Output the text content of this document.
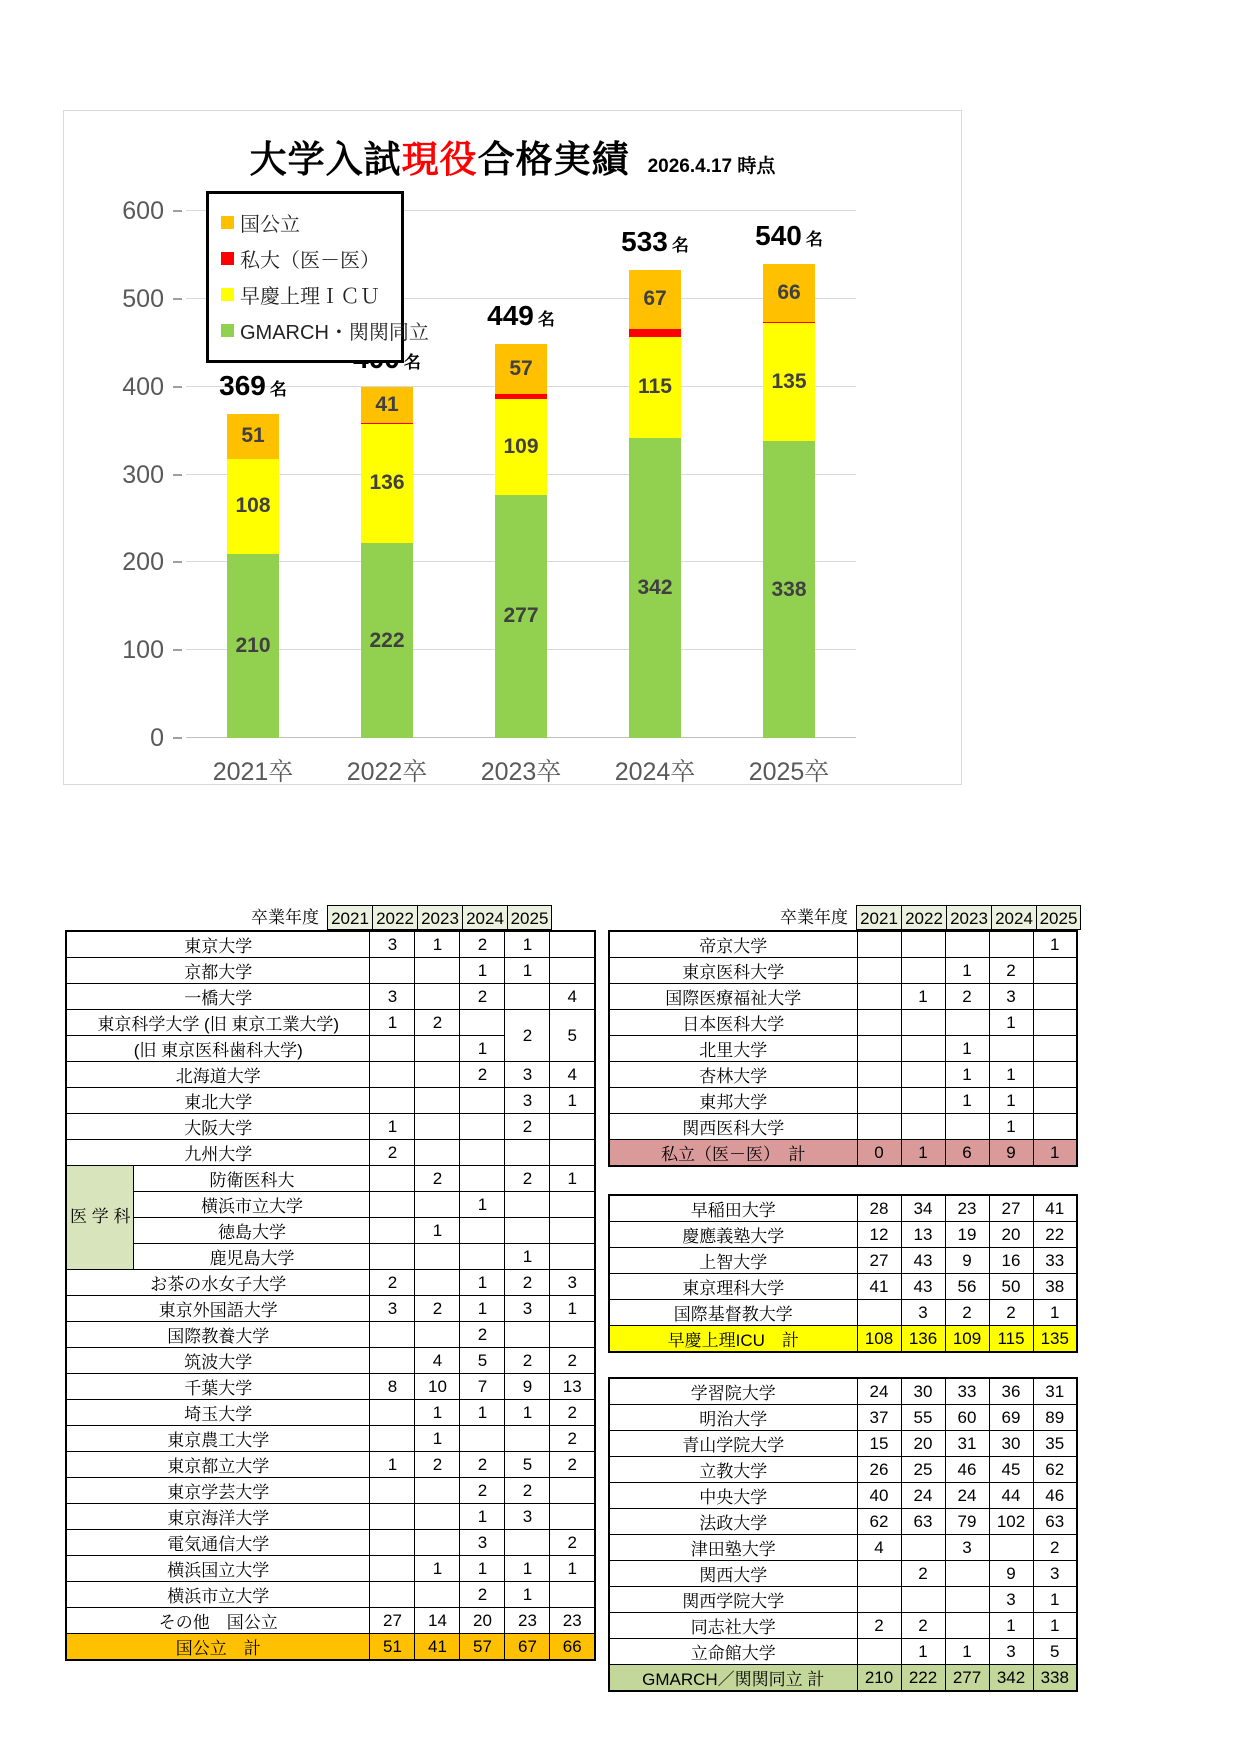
大学入試 現役 合格実績 2026.4.17 時点
0
100
200
300
400
500
600
210
108
51
369 名
2021卒
222
136
41
名
2022卒
277
109
57
449 名
2023卒
342
115
67
533 名
2024卒
338
135
66
540 名
2025卒
国公立
私大（医－医）
早慶上理ＩＣＵ
GMARCH・関関同立
卒業年度 2021 2022 2023 2024 2025
東京大学		3	1	2	1	
京都大学				1	1	
一橋大学		3		2		4
東京科学大学 (旧 東京工業大学)		1	2		2	5
(旧 東京医科歯科大学)				1		
北海道大学				2	3	4
東北大学					3	1
大阪大学		1			2	
九州大学		2				
医 学 科	防衛医科大		2		2	1
	横浜市立大学			1		
	徳島大学		1			
	鹿児島大学				1	
お茶の水女子大学		2		1	2	3
東京外国語大学		3	2	1	3	1
国際教養大学				2		
筑波大学			4	5	2	2
千葉大学		8	10	7	9	13
埼玉大学			1	1	1	2
東京農工大学			1			2
東京都立大学		1	2	2	5	2
東京学芸大学				2	2	
東京海洋大学				1	3	
電気通信大学				3		2
横浜国立大学			1	1	1	1
横浜市立大学				2	1	
その他　国公立		27	14	20	23	23
国公立　計		51	41	57	67	66
卒業年度 2021 2022 2023 2024 2025
帝京大学					1
東京医科大学			1	2	
国際医療福祉大学		1	2	3	
日本医科大学				1	
北里大学			1		
杏林大学			1	1	
東邦大学			1	1	
関西医科大学				1	
私立（医－医）　計	0	1	6	9	1
早稲田大学	28	34	23	27	41
慶應義塾大学	12	13	19	20	22
上智大学	27	43	9	16	33
東京理科大学	41	43	56	50	38
国際基督教大学		3	2	2	1
早慶上理ICU　計	108	136	109	115	135
学習院大学	24	30	33	36	31
明治大学	37	55	60	69	89
青山学院大学	15	20	31	30	35
立教大学	26	25	46	45	62
中央大学	40	24	24	44	46
法政大学	62	63	79	102	63
津田塾大学	4		3		2
関西大学		2		9	3
関西学院大学				3	1
同志社大学	2	2		1	1
立命館大学		1	1	3	5
GMARCH／関関同立 計	210	222	277	342	338
